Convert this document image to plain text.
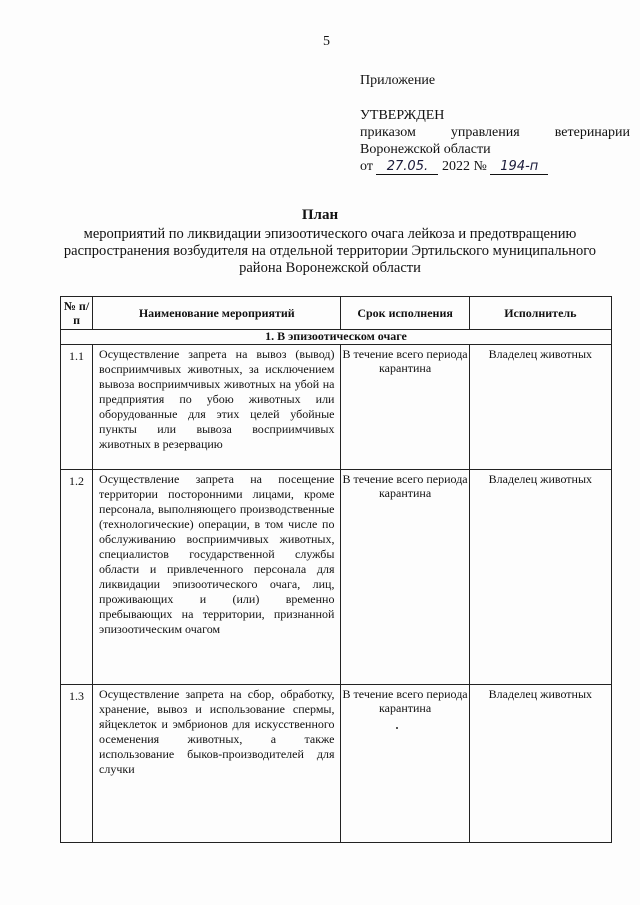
5
Приложение
УТВЕРЖДЕН
приказом управления ветеринарии Воронежской области
от 27.05. 2022 № 194-п
План
мероприятий по ликвидации эпизоотического очага лейкоза и предотвращению распространения возбудителя на отдельной территории Эртильского муниципального района Воронежской области
№ п/п	Наименование мероприятий	Срок исполнения	Исполнитель
1. В эпизоотическом очаге			
1.1	Осуществление запрета на вывоз (вывод) восприимчивых животных, за исключением вывоза восприимчивых животных на убой на предприятия по убою животных или оборудованные для этих целей убойные пункты или вывоза восприимчивых животных в резервацию	В течение всего периода карантина	Владелец животных
1.2	Осуществление запрета на посещение территории посторонними лицами, кроме персонала, выполняющего производственные (технологические) операции, в том числе по обслуживанию восприимчивых животных, специалистов государственной службы области и привлеченного персонала для ликвидации эпизоотического очага, лиц, проживающих и (или) временно пребывающих на территории, признанной эпизоотическим очагом	В течение всего периода карантина	Владелец животных
1.3	Осуществление запрета на сбор, обработку, хранение, вывоз и использование спермы, яйцеклеток и эмбрионов для искусственного осеменения животных, а также использование быков-производителей для случки	В течение всего периода карантина	Владелец животных
